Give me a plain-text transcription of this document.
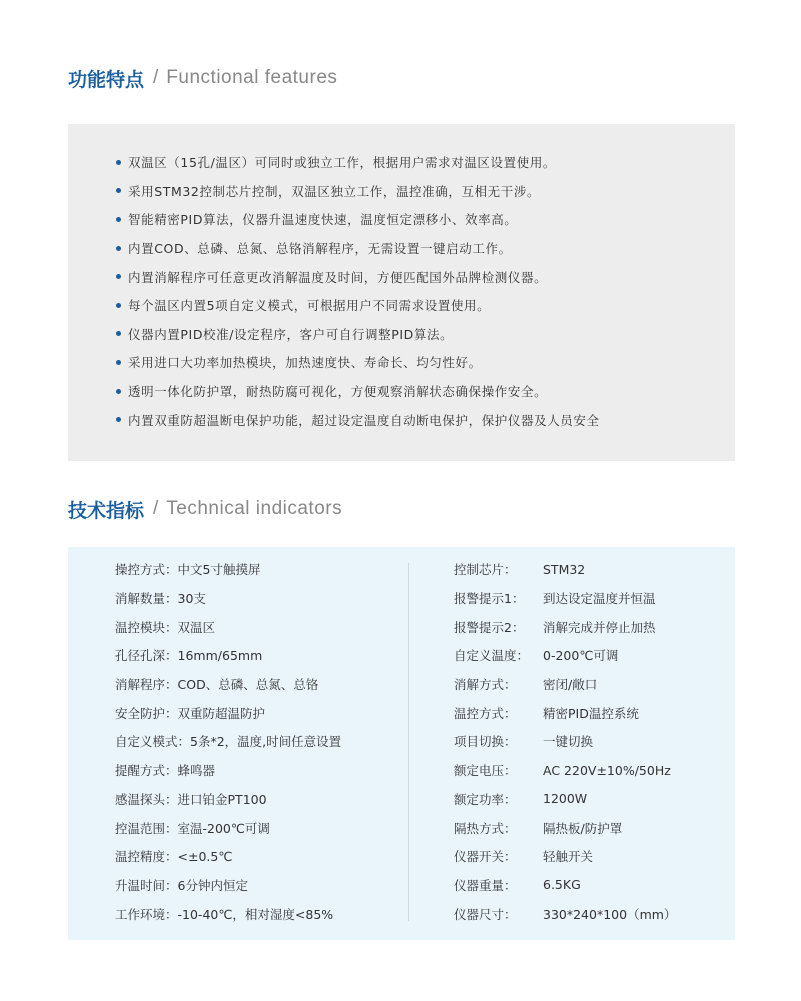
功能特点 / Functional features
双温区（15孔/温区）可同时或独立工作，根据用户需求对温区设置使用。
采用STM32控制芯片控制，双温区独立工作，温控准确，互相无干涉。
智能精密PID算法，仪器升温速度快速，温度恒定漂移小、效率高。
内置COD、总磷、总氮、总铬消解程序，无需设置一键启动工作。
内置消解程序可任意更改消解温度及时间，方便匹配国外品牌检测仪器。
每个温区内置5项自定义模式，可根据用户不同需求设置使用。
仪器内置PID校准/设定程序，客户可自行调整PID算法。
采用进口大功率加热模块，加热速度快、寿命长、均匀性好。
透明一体化防护罩，耐热防腐可视化，方便观察消解状态确保操作安全。
内置双重防超温断电保护功能，超过设定温度自动断电保护，保护仪器及人员安全
技术指标 / Technical indicators
操控方式： 中文5寸触摸屏
消解数量： 30支
温控模块： 双温区
孔径孔深： 16mm/65mm
消解程序： COD、总磷、总氮、总铬
安全防护： 双重防超温防护
自定义模式： 5条*2，温度,时间任意设置
提醒方式： 蜂鸣器
感温探头： 进口铂金PT100
控温范围： 室温-200℃可调
温控精度： <±0.5℃
升温时间： 6分钟内恒定
工作环境： -10-40℃，相对湿度<85%
控制芯片：	STM32
报警提示1：	到达设定温度并恒温
报警提示2：	消解完成并停止加热
自定义温度：	0-200℃可调
消解方式：	密闭/敞口
温控方式：	精密PID温控系统
项目切换：	一键切换
额定电压：	AC 220V±10%/50Hz
额定功率：	1200W
隔热方式：	隔热板/防护罩
仪器开关：	轻触开关
仪器重量：	6.5KG
仪器尺寸：	330*240*100（mm）
